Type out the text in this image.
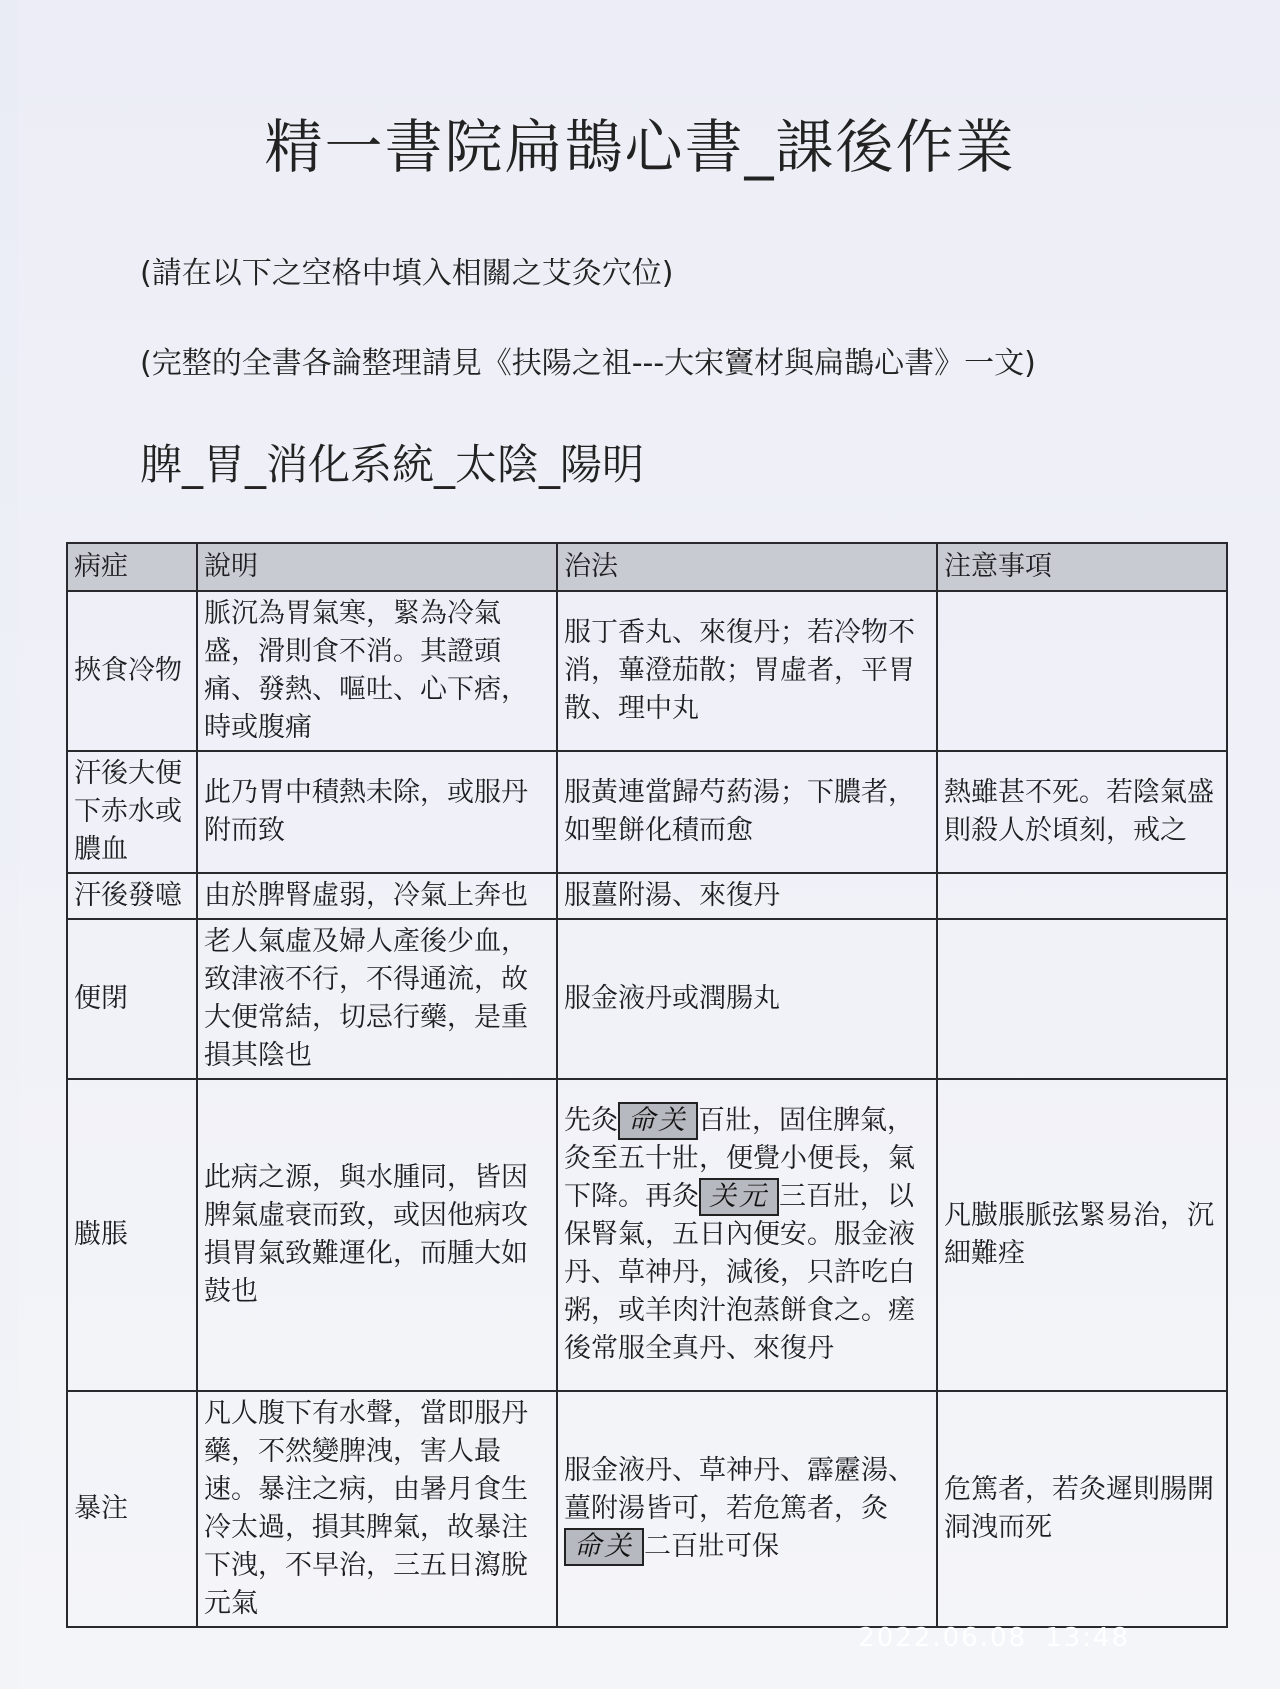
精一書院扁鵲心書_課後作業
(請在以下之空格中填入相關之艾灸穴位)
(完整的全書各論整理請見《扶陽之祖---大宋竇材與扁鵲心書》一文)
脾_胃_消化系統_太陰_陽明
病症	說明	治法	注意事項
挾食冷物	脈沉為胃氣寒，緊為冷氣盛，滑則食不消。其證頭痛、發熱、嘔吐、心下痞，時或腹痛	服丁香丸、來復丹；若冷物不消，蓽澄茄散；胃虛者，平胃散、理中丸	
汗後大便下赤水或膿血	此乃胃中積熱未除，或服丹附而致	服黃連當歸芍葯湯；下膿者，如聖餅化積而愈	熱雖甚不死。若陰氣盛則殺人於頃刻，戒之
汗後發噫	由於脾腎虛弱，冷氣上奔也	服薑附湯、來復丹	
便閉	老人氣虛及婦人產後少血，致津液不行，不得通流，故大便常結，切忌行藥，是重損其陰也	服金液丹或潤腸丸	
臌脹	此病之源，與水腫同，皆因脾氣虛衰而致，或因他病攻損胃氣致難運化，而腫大如鼓也	先灸 命关 百壯，固住脾氣，灸至五十壯，便覺小便長，氣下降。再灸 关元 三百壯，以保腎氣，五日內便安。服金液丹、草神丹，減後，只許吃白粥，或羊肉汁泡蒸餅食之。瘥後常服全真丹、來復丹	凡臌脹脈弦緊易治，沉細難痊
暴注	凡人腹下有水聲，當即服丹藥，不然變脾洩，害人最速。暴注之病，由暑月食生冷太過，損其脾氣，故暴注下洩，不早治，三五日瀉脫元氣	服金液丹、草神丹、霹靂湯、薑附湯皆可，若危篤者，灸命关 二百壯可保	危篤者，若灸遲則腸開洞洩而死
2022.06.08 13:48
